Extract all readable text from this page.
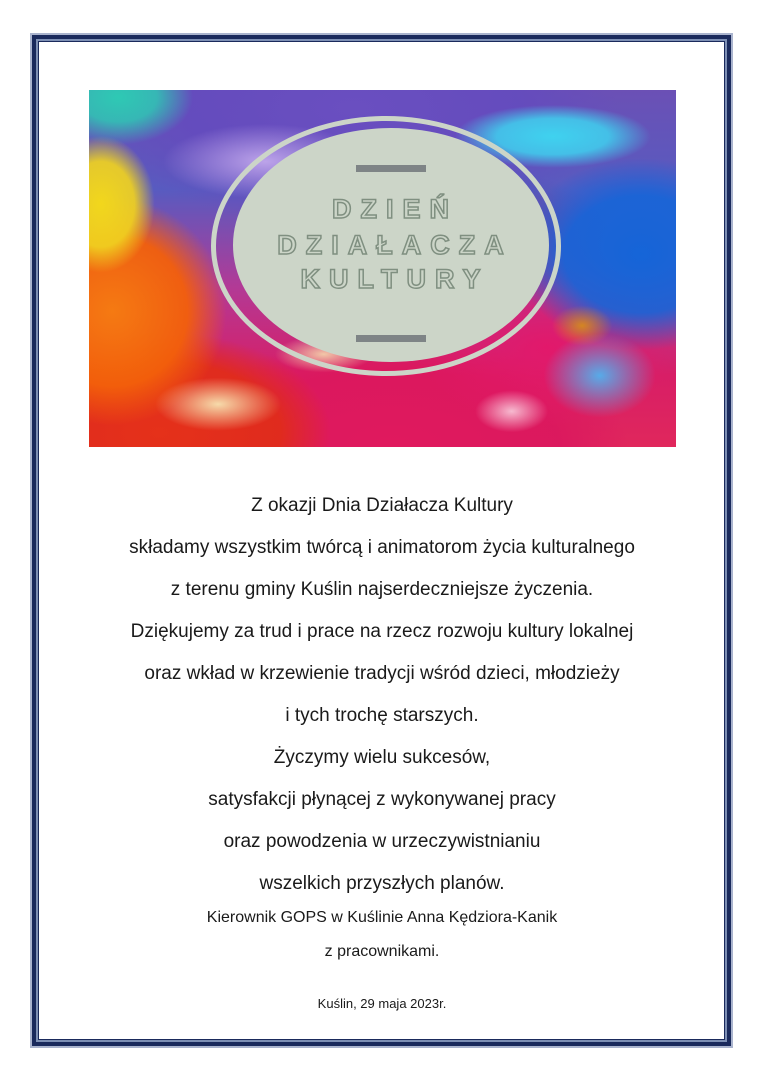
DZIEŃ
DZIAŁACZA
KULTURY
Z okazji Dnia Działacza Kultury
składamy wszystkim twórcą i animatorom życia kulturalnego
z terenu gminy Kuślin najserdeczniejsze życzenia.
Dziękujemy za trud i prace na rzecz rozwoju kultury lokalnej
oraz wkład w krzewienie tradycji wśród dzieci, młodzieży
i tych trochę starszych.
Życzymy wielu sukcesów,
satysfakcji płynącej z wykonywanej pracy
oraz powodzenia w urzeczywistnianiu
wszelkich przyszłych planów.
Kierownik GOPS w Kuślinie Anna Kędziora-Kanik
z pracownikami.
Kuślin, 29 maja 2023r.
